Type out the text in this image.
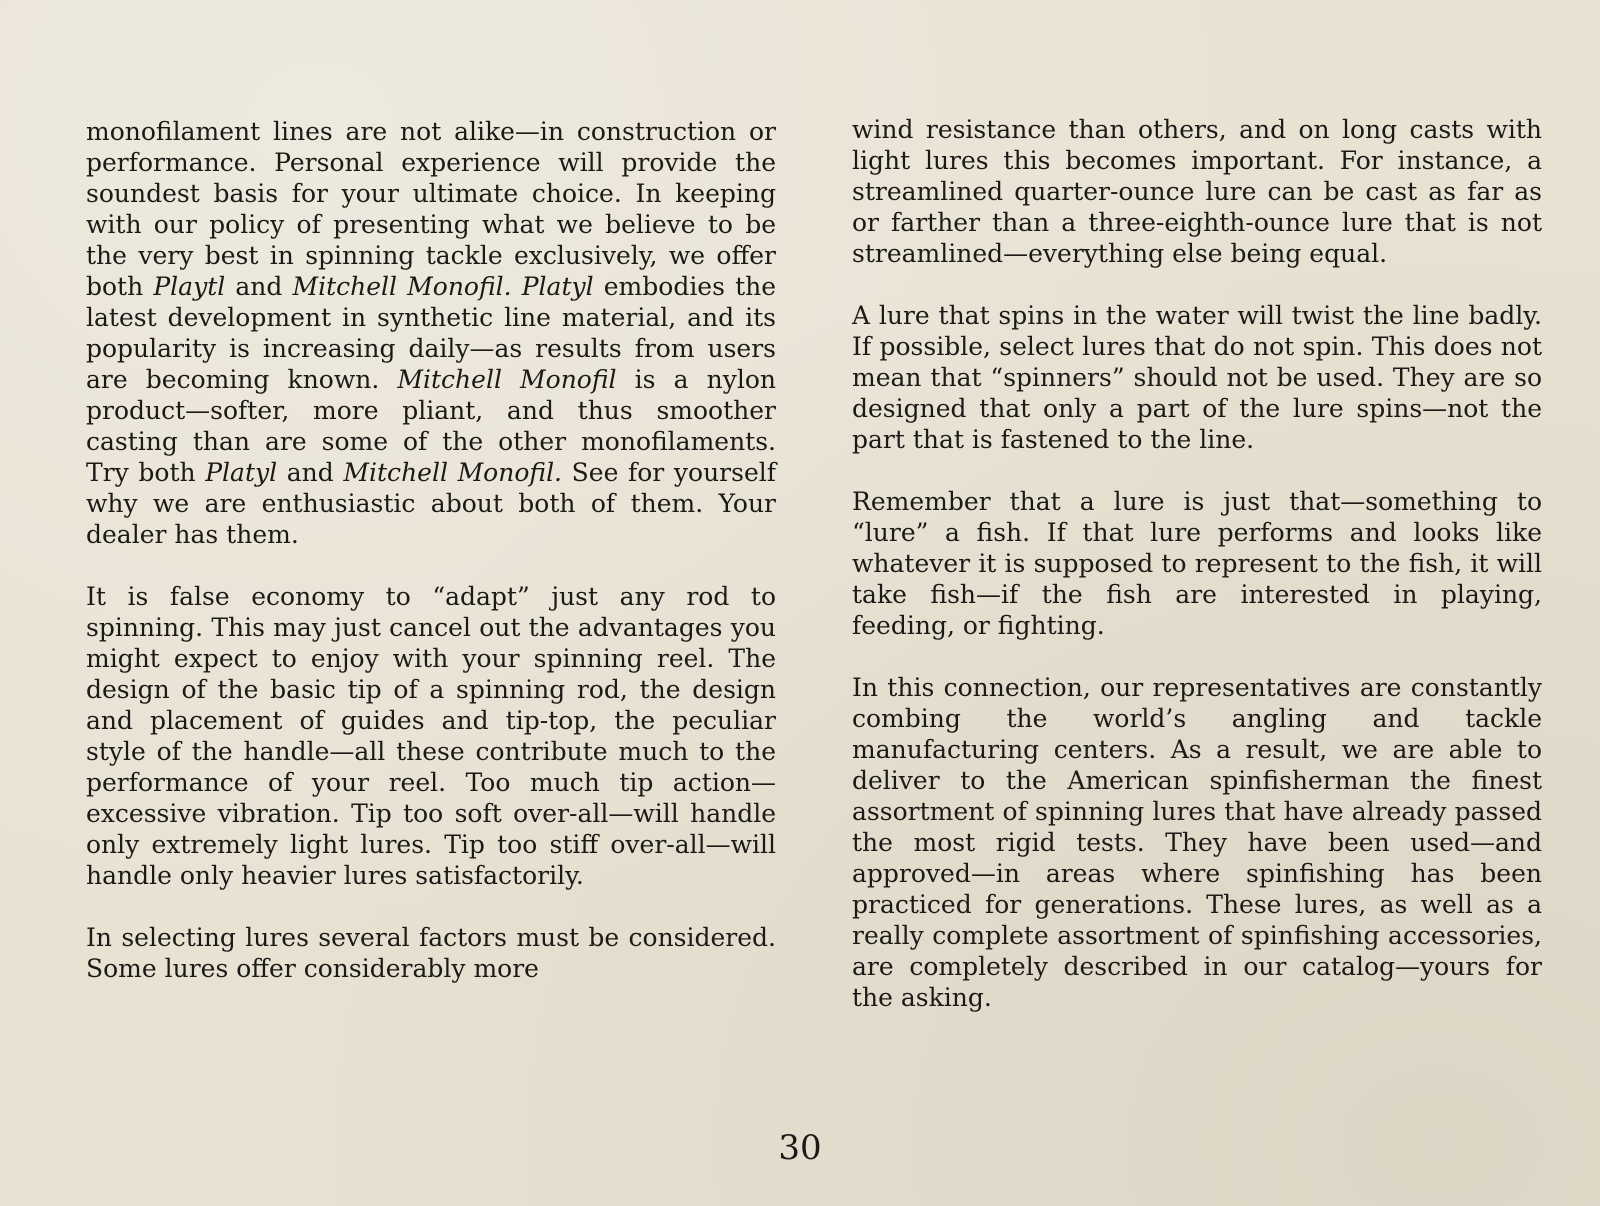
monofilament lines are not alike—in construction or performance. Personal experience will provide the soundest basis for your ultimate choice. In keeping with our policy of presenting what we believe to be the very best in spinning tackle exclusively, we offer both Playtl and Mitchell Monofil. Platyl embodies the latest development in synthetic line material, and its popularity is increasing daily—as results from users are becoming known. Mitchell Monofil is a nylon product—softer, more pliant, and thus smoother casting than are some of the other monofilaments. Try both Platyl and Mitchell Monofil. See for yourself why we are enthusiastic about both of them. Your dealer has them.

It is false economy to “adapt” just any rod to spinning. This may just cancel out the advantages you might expect to enjoy with your spinning reel. The design of the basic tip of a spinning rod, the design and placement of guides and tip-top, the peculiar style of the handle—all these contribute much to the performance of your reel. Too much tip action—excessive vibration. Tip too soft over-all—will handle only extremely light lures. Tip too stiff over-all—will handle only heavier lures satisfactorily.

In selecting lures several factors must be considered. Some lures offer considerably more

wind resistance than others, and on long casts with light lures this becomes important. For instance, a streamlined quarter-ounce lure can be cast as far as or farther than a three-eighth-ounce lure that is not streamlined—everything else being equal.

A lure that spins in the water will twist the line badly. If possible, select lures that do not spin. This does not mean that “spinners” should not be used. They are so designed that only a part of the lure spins—not the part that is fastened to the line.

Remember that a lure is just that—something to “lure” a fish. If that lure performs and looks like whatever it is supposed to represent to the fish, it will take fish—if the fish are interested in playing, feeding, or fighting.

In this connection, our representatives are constantly combing the world’s angling and tackle manufacturing centers. As a result, we are able to deliver to the American spinfisherman the finest assortment of spinning lures that have already passed the most rigid tests. They have been used—and approved—in areas where spinfishing has been practiced for generations. These lures, as well as a really complete assortment of spinfishing accessories, are completely described in our catalog—yours for the asking.

30
